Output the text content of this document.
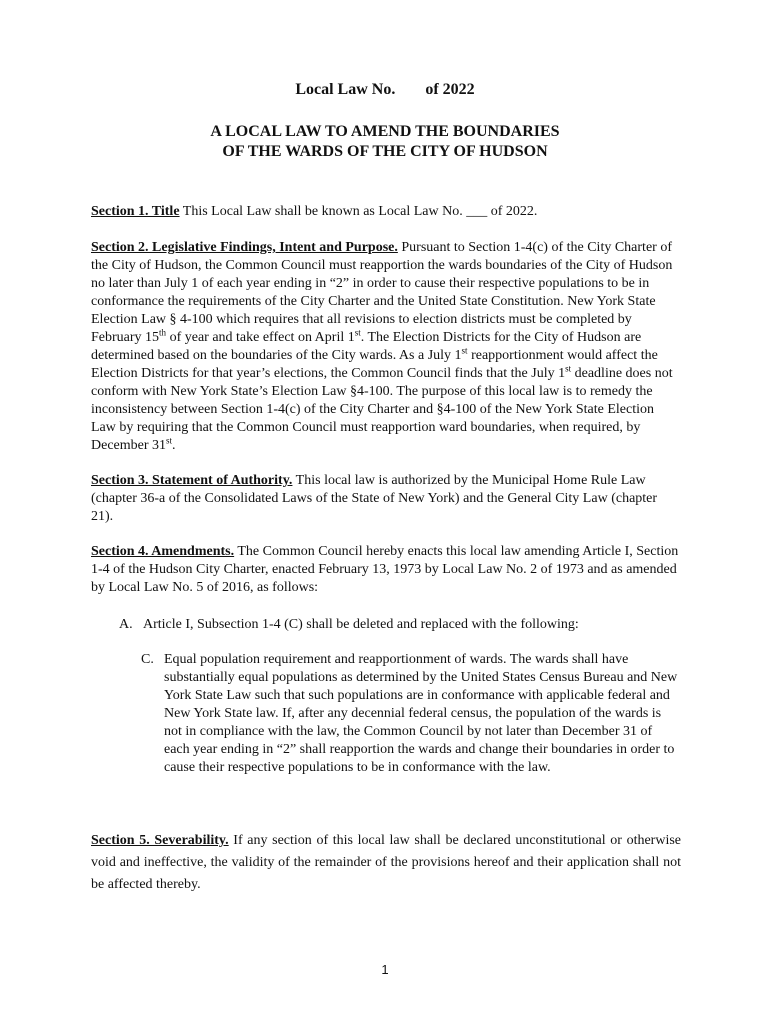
Local Law No. of 2022
A LOCAL LAW TO AMEND THE BOUNDARIES
OF THE WARDS OF THE CITY OF HUDSON

Section 1. Title This Local Law shall be known as Local Law No. ___ of 2022.

Section 2. Legislative Findings, Intent and Purpose. Pursuant to Section 1-4(c) of the City Charter of the City of Hudson, the Common Council must reapportion the wards boundaries of the City of Hudson no later than July 1 of each year ending in “2” in order to cause their respective populations to be in conformance the requirements of the City Charter and the United State Constitution. New York State Election Law § 4-100 which requires that all revisions to election districts must be completed by February 15th of year and take effect on April 1st. The Election Districts for the City of Hudson are determined based on the boundaries of the City wards. As a July 1st reapportionment would affect the Election Districts for that year’s elections, the Common Council finds that the July 1st deadline does not conform with New York State’s Election Law §4-100. The purpose of this local law is to remedy the inconsistency between Section 1-4(c) of the City Charter and §4-100 of the New York State Election Law by requiring that the Common Council must reapportion ward boundaries, when required, by December 31st.

Section 3. Statement of Authority. This local law is authorized by the Municipal Home Rule Law (chapter 36-a of the Consolidated Laws of the State of New York) and the General City Law (chapter 21).

Section 4. Amendments. The Common Council hereby enacts this local law amending Article I, Section 1-4 of the Hudson City Charter, enacted February 13, 1973 by Local Law No. 2 of 1973 and as amended by Local Law No. 5 of 2016, as follows:

A. Article I, Subsection 1-4 (C) shall be deleted and replaced with the following:

C. Equal population requirement and reapportionment of wards. The wards shall have substantially equal populations as determined by the United States Census Bureau and New York State Law such that such populations are in conformance with applicable federal and New York State law. If, after any decennial federal census, the population of the wards is not in compliance with the law, the Common Council by not later than December 31 of each year ending in “2” shall reapportion the wards and change their boundaries in order to cause their respective populations to be in conformance with the law.

Section 5. Severability. If any section of this local law shall be declared unconstitutional or otherwise void and ineffective, the validity of the remainder of the provisions hereof and their application shall not be affected thereby.

1
